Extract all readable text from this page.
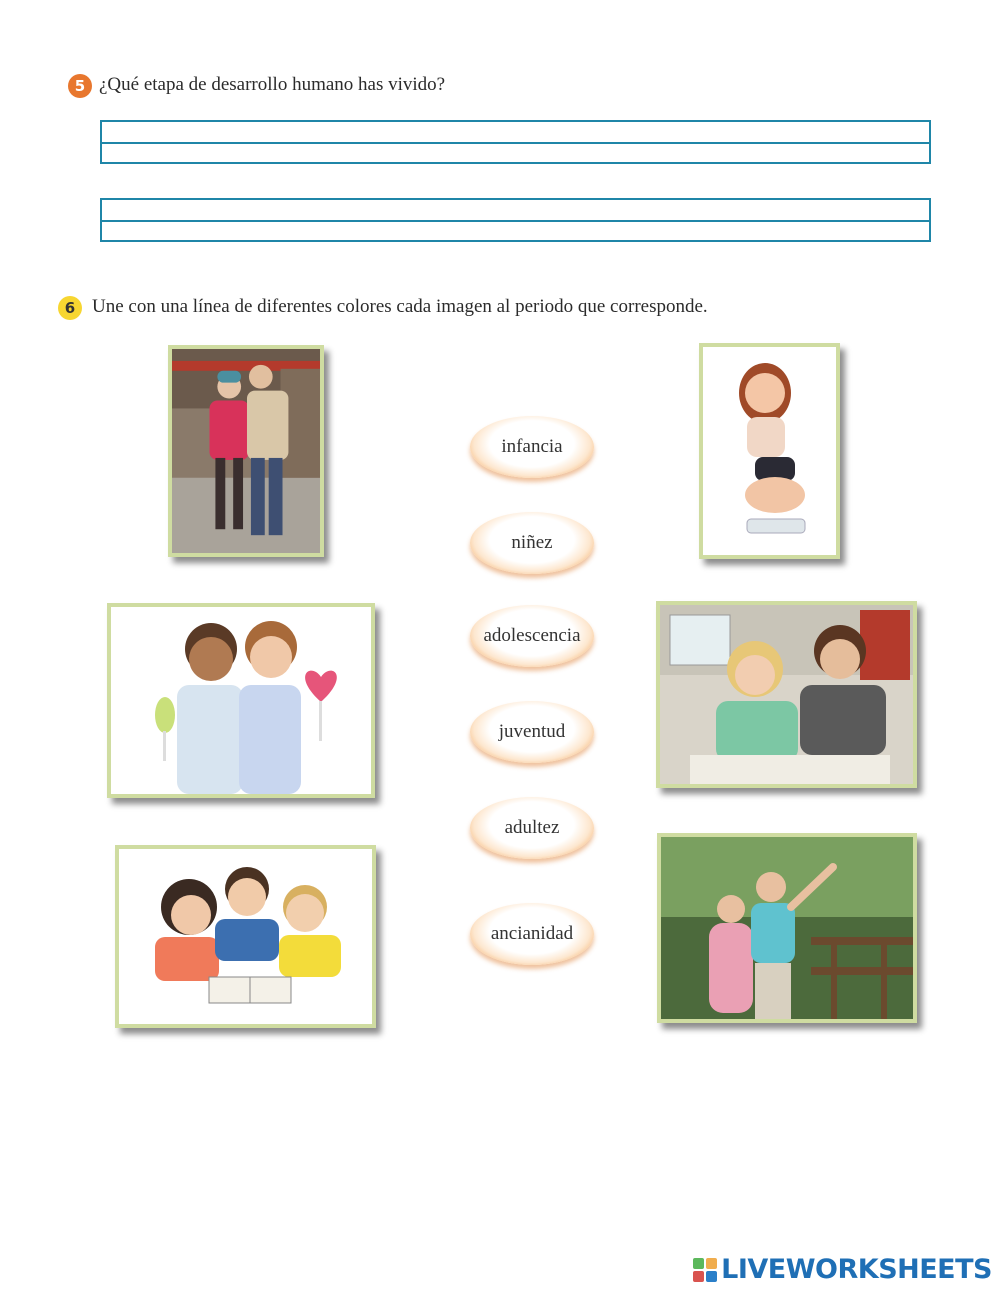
5 ¿Qué etapa de desarrollo humano has vivido?
6 Une con una línea de diferentes colores cada imagen al periodo que corresponde.
infancia
niñez
adolescencia
juventud
adultez
ancianidad
LIVEWORKSHEETS
